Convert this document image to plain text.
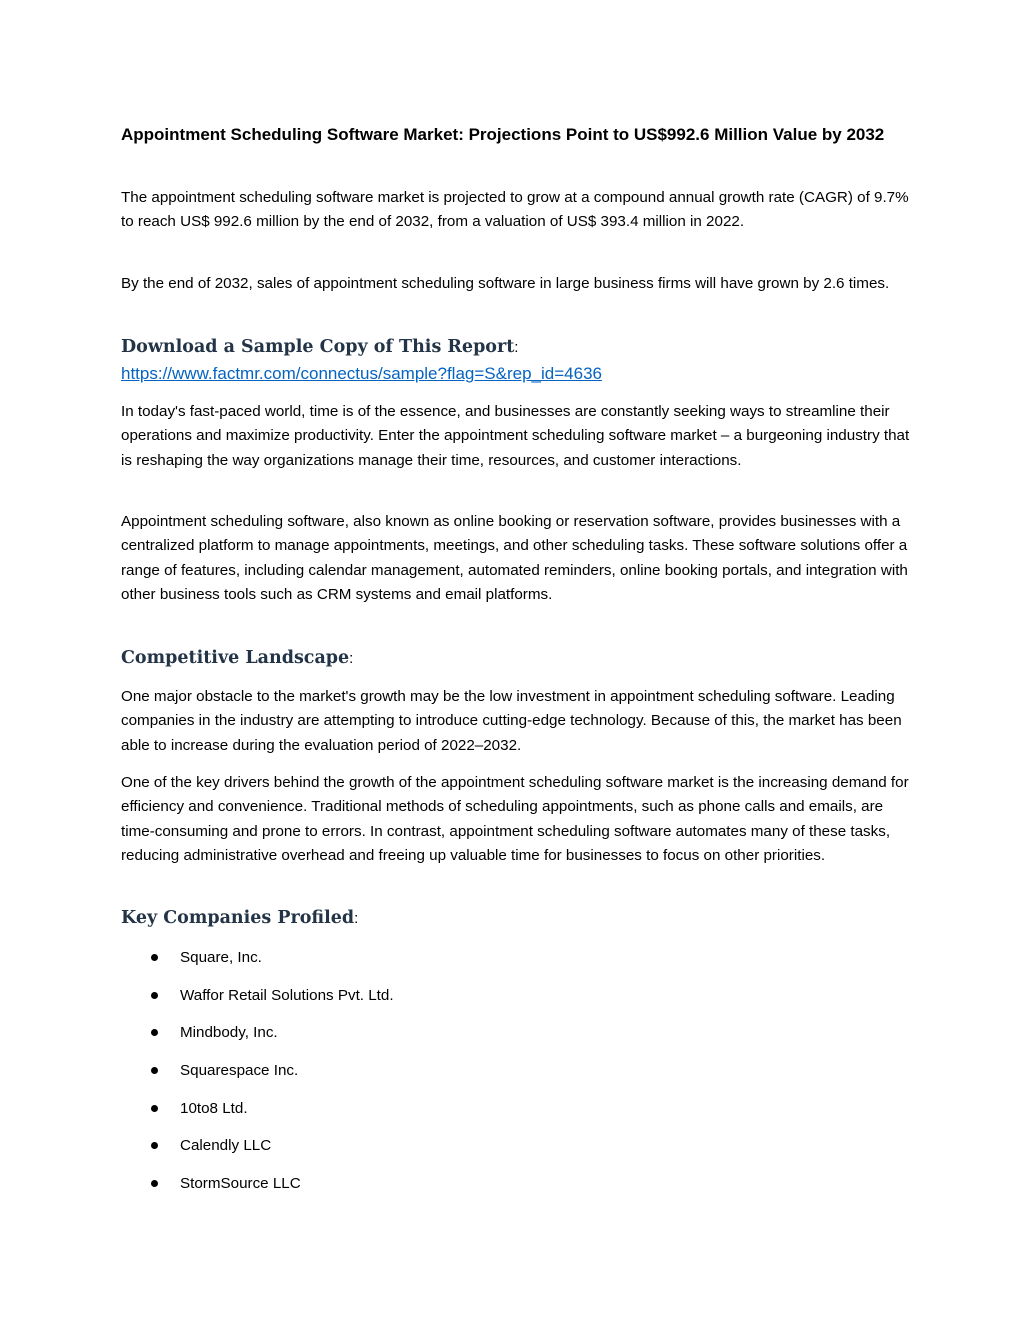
Appointment Scheduling Software Market: Projections Point to US$992.6 Million Value by 2032

The appointment scheduling software market is projected to grow at a compound annual growth rate (CAGR) of 9.7% to reach US$ 992.6 million by the end of 2032, from a valuation of US$ 393.4 million in 2022.

By the end of 2032, sales of appointment scheduling software in large business firms will have grown by 2.6 times.

Download a Sample Copy of This Report:
https://www.factmr.com/connectus/sample?flag=S&rep_id=4636

In today's fast-paced world, time is of the essence, and businesses are constantly seeking ways to streamline their operations and maximize productivity. Enter the appointment scheduling software market – a burgeoning industry that is reshaping the way organizations manage their time, resources, and customer interactions.

Appointment scheduling software, also known as online booking or reservation software, provides businesses with a centralized platform to manage appointments, meetings, and other scheduling tasks. These software solutions offer a range of features, including calendar management, automated reminders, online booking portals, and integration with other business tools such as CRM systems and email platforms.

Competitive Landscape:

One major obstacle to the market's growth may be the low investment in appointment scheduling software. Leading companies in the industry are attempting to introduce cutting-edge technology. Because of this, the market has been able to increase during the evaluation period of 2022–2032.

One of the key drivers behind the growth of the appointment scheduling software market is the increasing demand for efficiency and convenience. Traditional methods of scheduling appointments, such as phone calls and emails, are time-consuming and prone to errors. In contrast, appointment scheduling software automates many of these tasks, reducing administrative overhead and freeing up valuable time for businesses to focus on other priorities.

Key Companies Profiled:
Square, Inc.
Waffor Retail Solutions Pvt. Ltd.
Mindbody, Inc.
Squarespace Inc.
10to8 Ltd.
Calendly LLC
StormSource LLC
